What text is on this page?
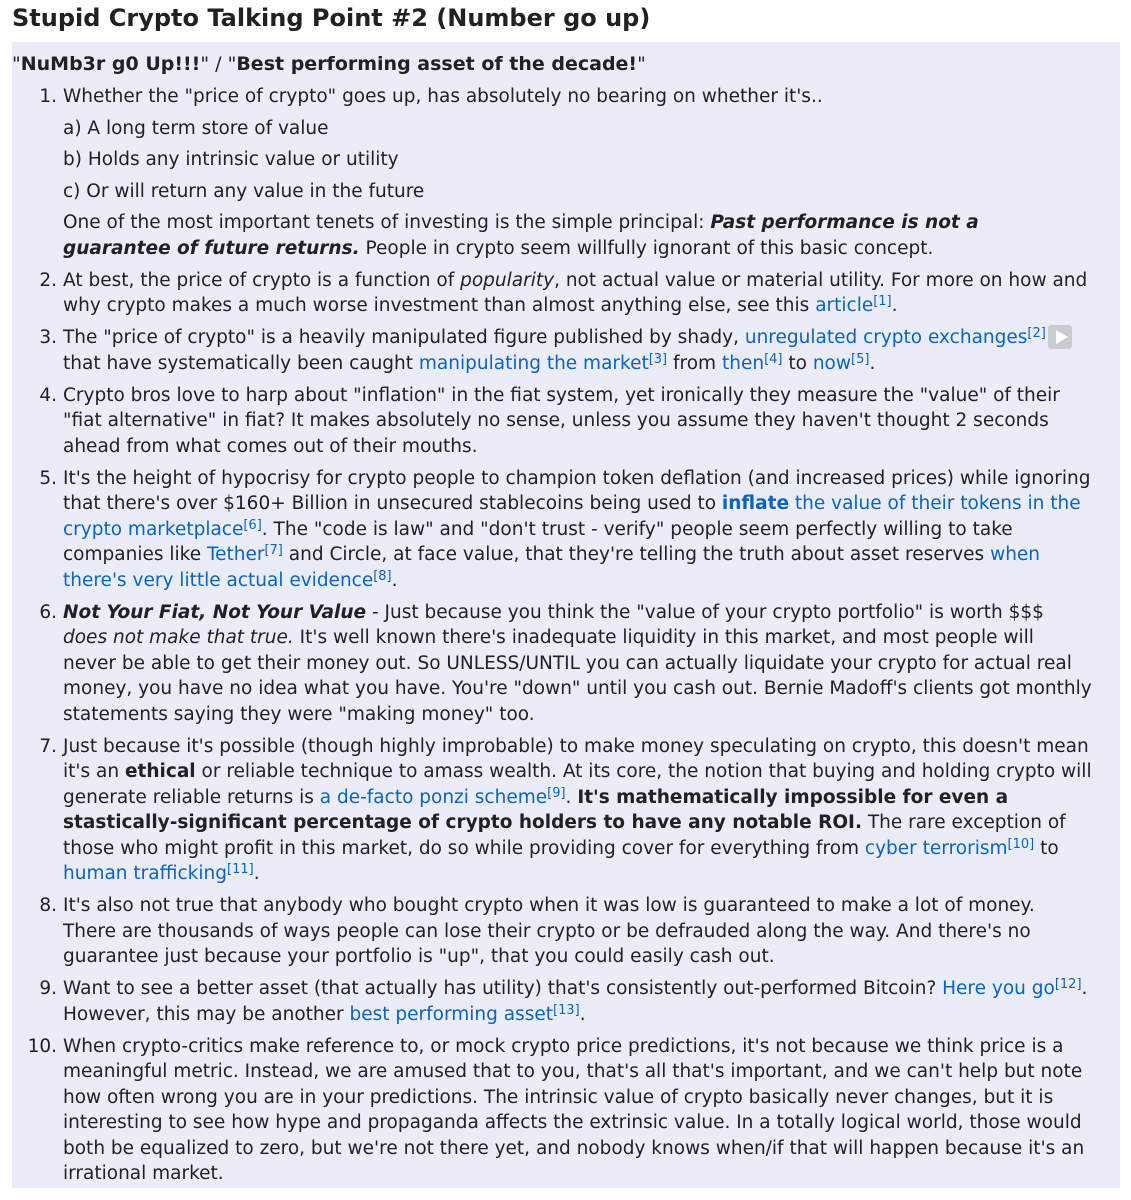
Stupid Crypto Talking Point #2 (Number go up)
"NuMb3r g0 Up!!!" / "Best performing asset of the decade!"
1. Whether the "price of crypto" goes up, has absolutely no bearing on whether it's..

a) A long term store of value

b) Holds any intrinsic value or utility

c) Or will return any value in the future

One of the most important tenets of investing is the simple principal: Past performance is not a guarantee of future returns. People in crypto seem willfully ignorant of this basic concept.

2. At best, the price of crypto is a function of popularity, not actual value or material utility. For more on how and why crypto makes a much worse investment than almost anything else, see this article[1].

3. The "price of crypto" is a heavily manipulated figure published by shady, unregulated crypto exchanges[2] that have systematically been caught manipulating the market[3] from then[4] to now[5].

4. Crypto bros love to harp about "inflation" in the fiat system, yet ironically they measure the "value" of their "fiat alternative" in fiat? It makes absolutely no sense, unless you assume they haven't thought 2 seconds ahead from what comes out of their mouths.

5. It's the height of hypocrisy for crypto people to champion token deflation (and increased prices) while ignoring that there's over $160+ Billion in unsecured stablecoins being used to inflate the value of their tokens in the crypto marketplace[6]. The "code is law" and "don't trust - verify" people seem perfectly willing to take companies like Tether[7] and Circle, at face value, that they're telling the truth about asset reserves when there's very little actual evidence[8].

6. Not Your Fiat, Not Your Value - Just because you think the "value of your crypto portfolio" is worth $$$ does not make that true. It's well known there's inadequate liquidity in this market, and most people will never be able to get their money out. So UNLESS/UNTIL you can actually liquidate your crypto for actual real money, you have no idea what you have. You're "down" until you cash out. Bernie Madoff's clients got monthly statements saying they were "making money" too.

7. Just because it's possible (though highly improbable) to make money speculating on crypto, this doesn't mean it's an ethical or reliable technique to amass wealth. At its core, the notion that buying and holding crypto will generate reliable returns is a de-facto ponzi scheme[9]. It's mathematically impossible for even a stastically-significant percentage of crypto holders to have any notable ROI. The rare exception of those who might profit in this market, do so while providing cover for everything from cyber terrorism[10] to human trafficking[11].

8. It's also not true that anybody who bought crypto when it was low is guaranteed to make a lot of money. There are thousands of ways people can lose their crypto or be defrauded along the way. And there's no guarantee just because your portfolio is "up", that you could easily cash out.

9. Want to see a better asset (that actually has utility) that's consistently out-performed Bitcoin? Here you go[12]. However, this may be another best performing asset[13].

10. When crypto-critics make reference to, or mock crypto price predictions, it's not because we think price is a meaningful metric. Instead, we are amused that to you, that's all that's important, and we can't help but note how often wrong you are in your predictions. The intrinsic value of crypto basically never changes, but it is interesting to see how hype and propaganda affects the extrinsic value. In a totally logical world, those would both be equalized to zero, but we're not there yet, and nobody knows when/if that will happen because it's an irrational market.
